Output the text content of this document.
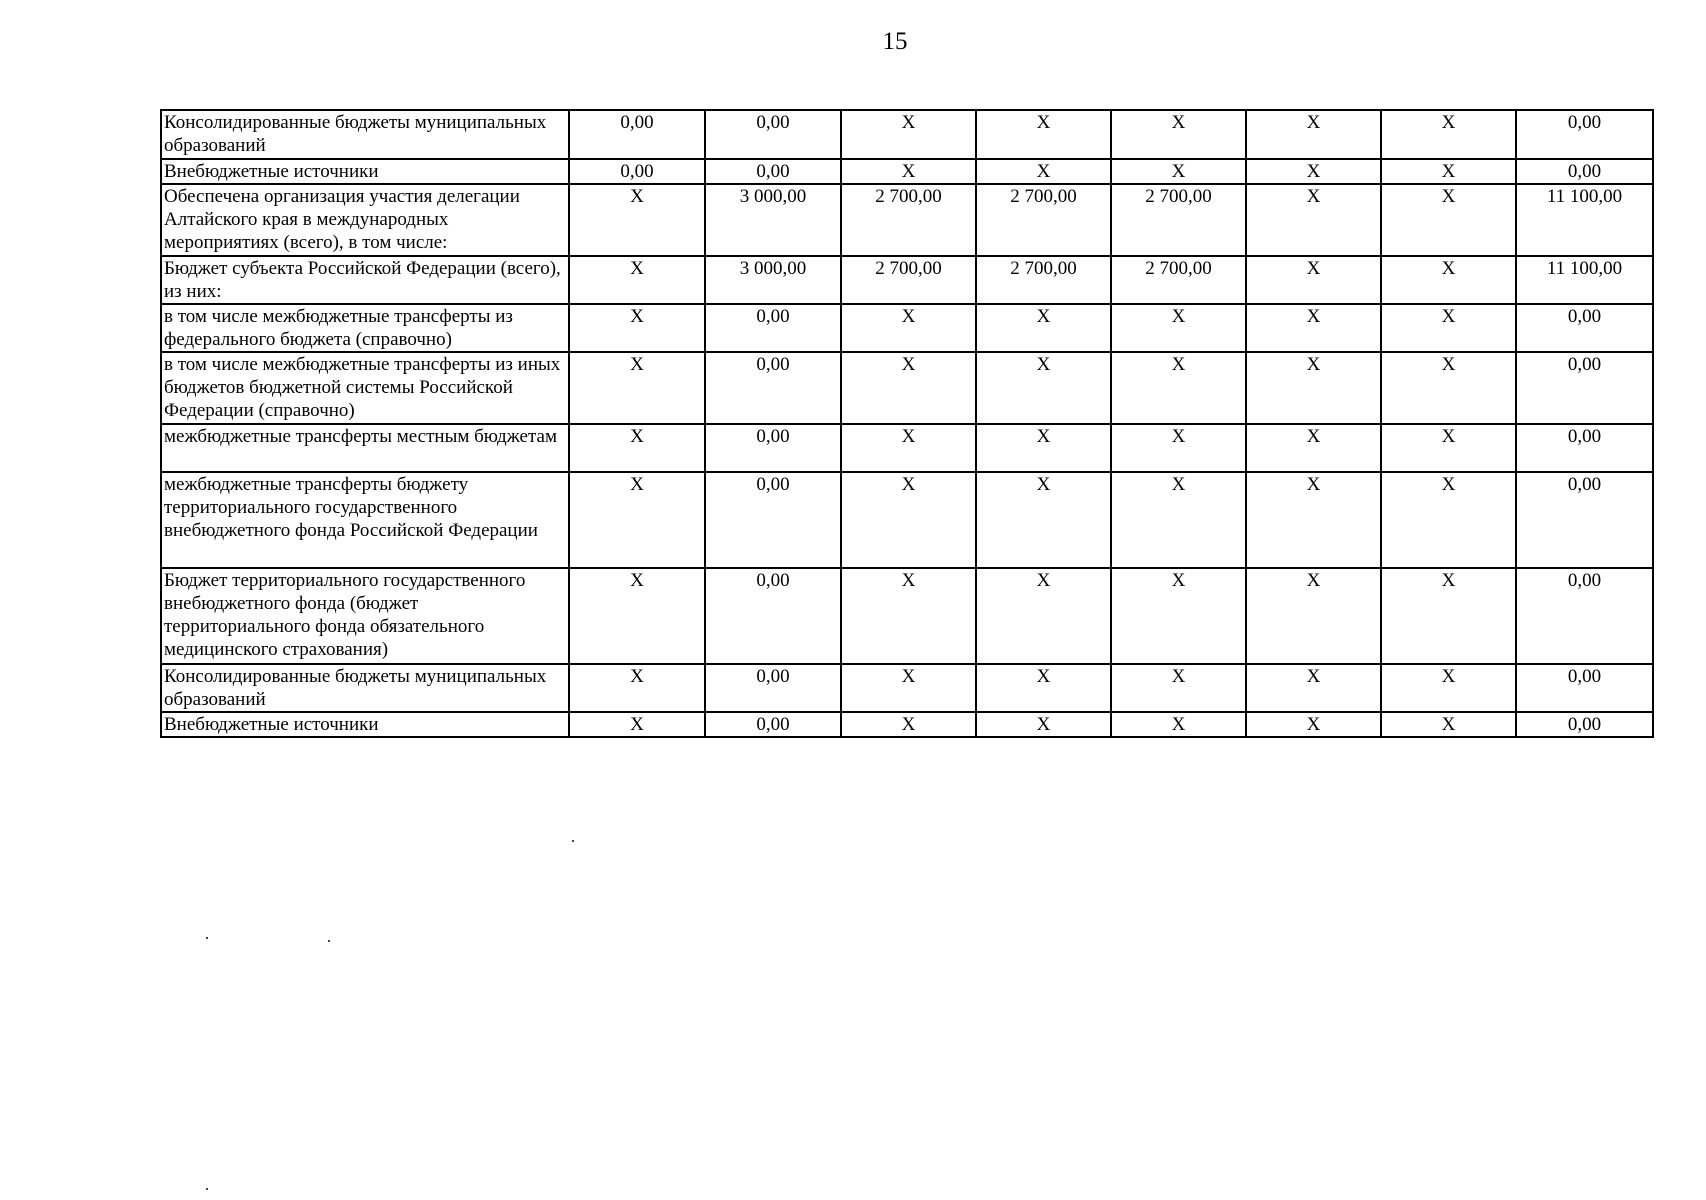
15
Консолидированные бюджеты муниципальных образований	0,00	0,00	X	X	X	X	X	0,00
Внебюджетные источники	0,00	0,00	X	X	X	X	X	0,00
Обеспечена организация участия делегации Алтайского края в международных мероприятиях (всего), в том числе:	X	3 000,00	2 700,00	2 700,00	2 700,00	X	X	11 100,00
Бюджет субъекта Российской Федерации (всего), из них:	X	3 000,00	2 700,00	2 700,00	2 700,00	X	X	11 100,00
в том числе межбюджетные трансферты из федерального бюджета (справочно)	X	0,00	X	X	X	X	X	0,00
в том числе межбюджетные трансферты из иных бюджетов бюджетной системы Российской Федерации (справочно)	X	0,00	X	X	X	X	X	0,00
межбюджетные трансферты местным бюджетам	X	0,00	X	X	X	X	X	0,00
межбюджетные трансферты бюджету территориального государственного внебюджетного фонда Российской Федерации	X	0,00	X	X	X	X	X	0,00
Бюджет территориального государственного внебюджетного фонда (бюджет территориального фонда обязательного медицинского страхования)	X	0,00	X	X	X	X	X	0,00
Консолидированные бюджеты муниципальных образований	X	0,00	X	X	X	X	X	0,00
Внебюджетные источники	X	0,00	X	X	X	X	X	0,00
